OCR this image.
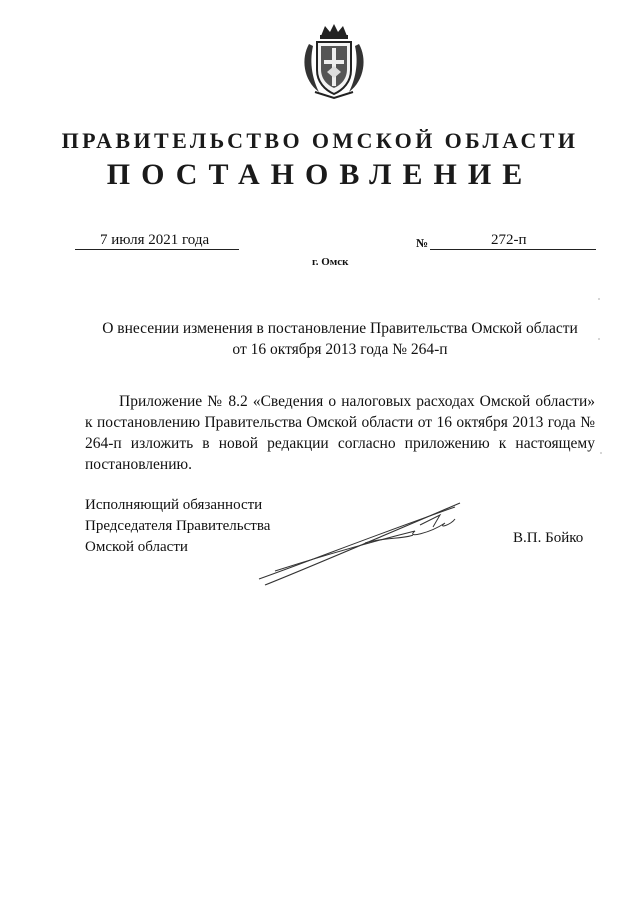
ПРАВИТЕЛЬСТВО ОМСКОЙ ОБЛАСТИ
ПОСТАНОВЛЕНИЕ
7 июля 2021 года	№	272-п
г. Омск
О внесении изменения в постановление Правительства Омской области
от 16 октября 2013 года № 264-п
Приложение № 8.2 «Сведения о налоговых расходах Омской области» к постановлению Правительства Омской области от 16 октября 2013 года № 264-п изложить в новой редакции согласно приложению к настоящему постановлению.
Исполняющий обязанности
Председателя Правительства
Омской области
В.П. Бойко
